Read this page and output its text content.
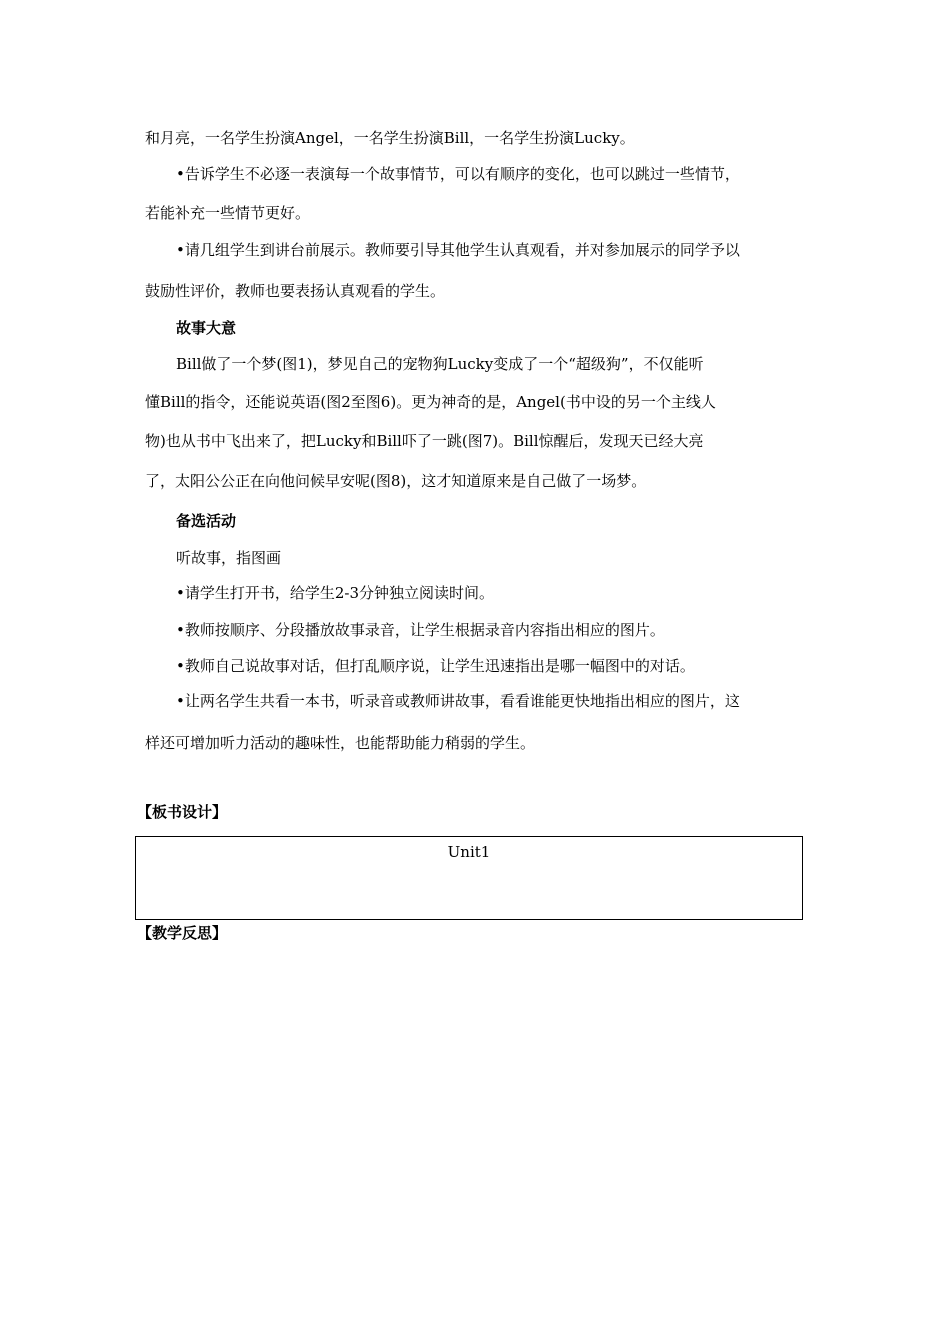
和月亮，一名学生扮演Angel，一名学生扮演Bill，一名学生扮演Lucky。
•告诉学生不必逐一表演每一个故事情节，可以有顺序的变化，也可以跳过一些情节，
若能补充一些情节更好。
•请几组学生到讲台前展示。教师要引导其他学生认真观看，并对参加展示的同学予以
鼓励性评价，教师也要表扬认真观看的学生。
故事大意
Bill做了一个梦(图1)，梦见自己的宠物狗Lucky变成了一个“超级狗”，不仅能听
懂Bill的指令，还能说英语(图2至图6)。更为神奇的是，Angel(书中设的另一个主线人
物)也从书中飞出来了，把Lucky和Bill吓了一跳(图7)。Bill惊醒后，发现天已经大亮
了，太阳公公正在向他问候早安呢(图8)，这才知道原来是自己做了一场梦。
备选活动
听故事，指图画
•请学生打开书，给学生2-3分钟独立阅读时间。
•教师按顺序、分段播放故事录音，让学生根据录音内容指出相应的图片。
•教师自己说故事对话，但打乱顺序说，让学生迅速指出是哪一幅图中的对话。
•让两名学生共看一本书，听录音或教师讲故事，看看谁能更快地指出相应的图片，这
样还可增加听力活动的趣味性，也能帮助能力稍弱的学生。
【板书设计】
Unit1
【教学反思】
